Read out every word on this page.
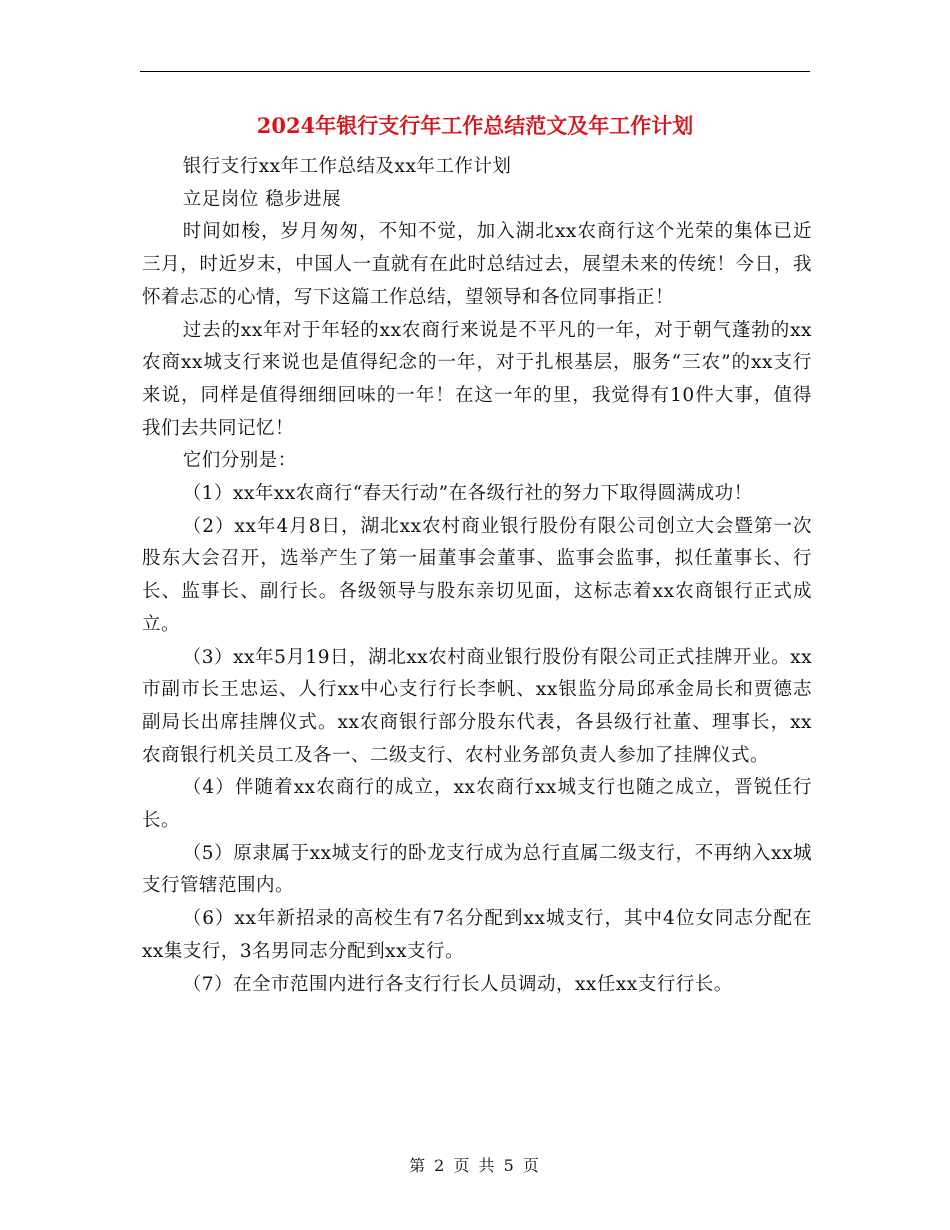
2024年银行支行年工作总结范文及年工作计划

银行支行xx年工作总结及xx年工作计划

立足岗位 稳步进展

时间如梭，岁月匆匆，不知不觉，加入湖北xx农商行这个光荣的集体已近三月，时近岁末，中国人一直就有在此时总结过去，展望未来的传统！今日，我怀着忐忑的心情，写下这篇工作总结，望领导和各位同事指正！

过去的xx年对于年轻的xx农商行来说是不平凡的一年，对于朝气蓬勃的xx农商xx城支行来说也是值得纪念的一年，对于扎根基层，服务“三农”的xx支行来说，同样是值得细细回味的一年！在这一年的里，我觉得有10件大事，值得我们去共同记忆！

它们分别是：

（1）xx年xx农商行“春天行动”在各级行社的努力下取得圆满成功！

（2）xx年4月8日，湖北xx农村商业银行股份有限公司创立大会暨第一次股东大会召开，选举产生了第一届董事会董事、监事会监事，拟任董事长、行长、监事长、副行长。各级领导与股东亲切见面，这标志着xx农商银行正式成立。

（3）xx年5月19日，湖北xx农村商业银行股份有限公司正式挂牌开业。xx市副市长王忠运、人行xx中心支行行长李帆、xx银监分局邱承金局长和贾德志副局长出席挂牌仪式。xx农商银行部分股东代表，各县级行社董、理事长，xx农商银行机关员工及各一、二级支行、农村业务部负责人参加了挂牌仪式。

（4）伴随着xx农商行的成立，xx农商行xx城支行也随之成立，晋锐任行长。

（5）原隶属于xx城支行的卧龙支行成为总行直属二级支行，不再纳入xx城支行管辖范围内。

（6）xx年新招录的高校生有7名分配到xx城支行，其中4位女同志分配在xx集支行，3名男同志分配到xx支行。

（7）在全市范围内进行各支行行长人员调动，xx任xx支行行长。

第 2 页 共 5 页
